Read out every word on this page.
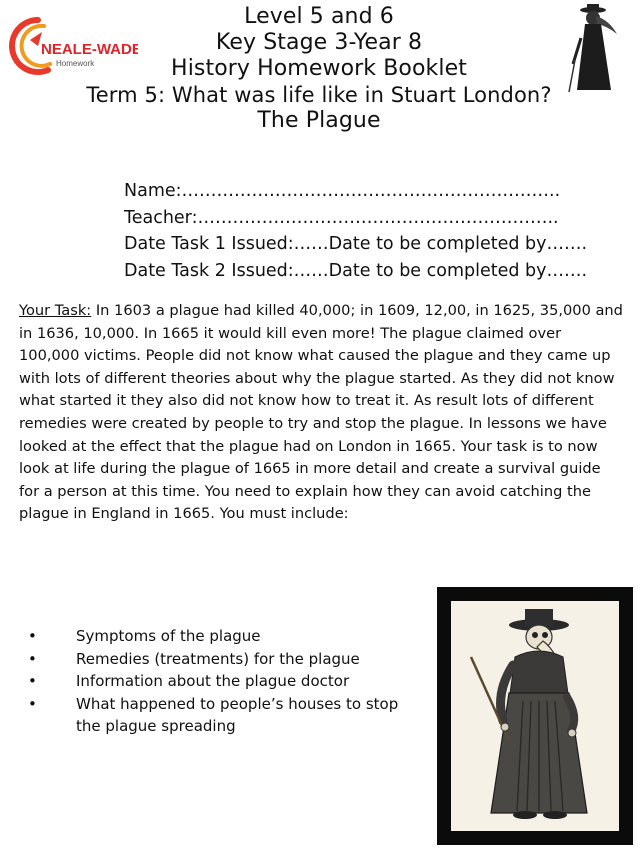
NEALE-WADE
Homework
Level 5 and 6
Key Stage 3-Year 8
History Homework Booklet
Term 5: What was life like in Stuart London?
The Plague
Name:………………………………………………………..
Teacher:……………………………………………………..
Date Task 1 Issued:……Date to be completed by…….
Date Task 2 Issued:……Date to be completed by…….
Your Task: In 1603 a plague had killed 40,000; in 1609, 12,00, in 1625, 35,000 and in 1636, 10,000. In 1665 it would kill even more! The plague claimed over 100,000 victims. People did not know what caused the plague and they came up with lots of different theories about why the plague started. As they did not know what started it they also did not know how to treat it. As result lots of different remedies were created by people to try and stop the plague. In lessons we have looked at the effect that the plague had on London in 1665. Your task is to now look at life during the plague of 1665 in more detail and create a survival guide for a person at this time. You need to explain how they can avoid catching the plague in England in 1665. You must include:
•	Symptoms of the plague
•	Remedies (treatments) for the plague
•	Information about the plague doctor
•	What happened to people’s houses to stop the plague spreading
